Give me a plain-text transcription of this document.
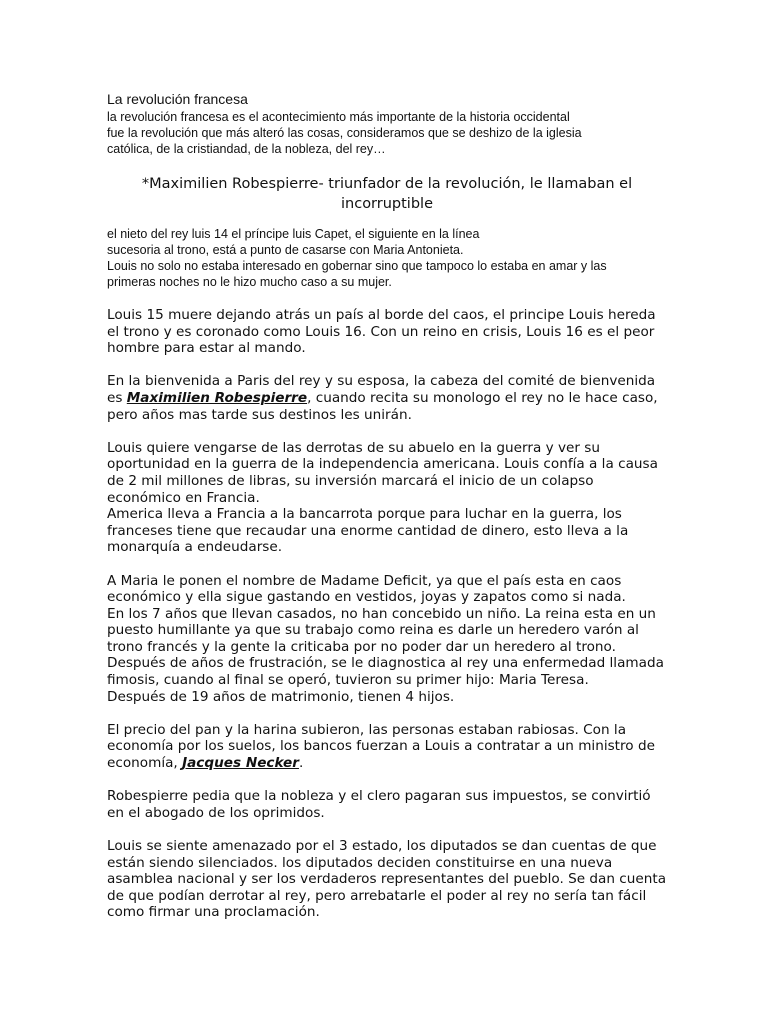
La revolución francesa
la revolución francesa es el acontecimiento más importante de la historia occidental
fue la revolución que más alteró las cosas, consideramos que se deshizo de la iglesia
católica, de la cristiandad, de la nobleza, del rey…
*Maximilien Robespierre- triunfador de la revolución, le llamaban el incorruptible
el nieto del rey luis 14 el príncipe luis Capet, el siguiente en la línea
sucesoria al trono, está a punto de casarse con Maria Antonieta.
Louis no solo no estaba interesado en gobernar sino que tampoco lo estaba en amar y las
primeras noches no le hizo mucho caso a su mujer.

Louis 15 muere dejando atrás un país al borde del caos, el principe Louis hereda el trono y es coronado como Louis 16. Con un reino en crisis, Louis 16 es el peor hombre para estar al mando.

En la bienvenida a Paris del rey y su esposa, la cabeza del comité de bienvenida es Maximilien Robespierre, cuando recita su monologo el rey no le hace caso, pero años mas tarde sus destinos les unirán.

Louis quiere vengarse de las derrotas de su abuelo en la guerra y ver su oportunidad en la guerra de la independencia americana. Louis confía a la causa de 2 mil millones de libras, su inversión marcará el inicio de un colapso económico en Francia.
America lleva a Francia a la bancarrota porque para luchar en la guerra, los franceses tiene que recaudar una enorme cantidad de dinero, esto lleva a la monarquía a endeudarse.

A Maria le ponen el nombre de Madame Deficit, ya que el país esta en caos económico y ella sigue gastando en vestidos, joyas y zapatos como si nada.
En los 7 años que llevan casados, no han concebido un niño. La reina esta en un puesto humillante ya que su trabajo como reina es darle un heredero varón al trono francés y la gente la criticaba por no poder dar un heredero al trono.
Después de años de frustración, se le diagnostica al rey una enfermedad llamada fimosis, cuando al final se operó, tuvieron su primer hijo: Maria Teresa.
Después de 19 años de matrimonio, tienen 4 hijos.

El precio del pan y la harina subieron, las personas estaban rabiosas. Con la economía por los suelos, los bancos fuerzan a Louis a contratar a un ministro de economía, Jacques Necker.

Robespierre pedia que la nobleza y el clero pagaran sus impuestos, se convirtió en el abogado de los oprimidos.

Louis se siente amenazado por el 3 estado, los diputados se dan cuentas de que están siendo silenciados. los diputados deciden constituirse en una nueva asamblea nacional y ser los verdaderos representantes del pueblo. Se dan cuenta de que podían derrotar al rey, pero arrebatarle el poder al rey no sería tan fácil como firmar una proclamación.
